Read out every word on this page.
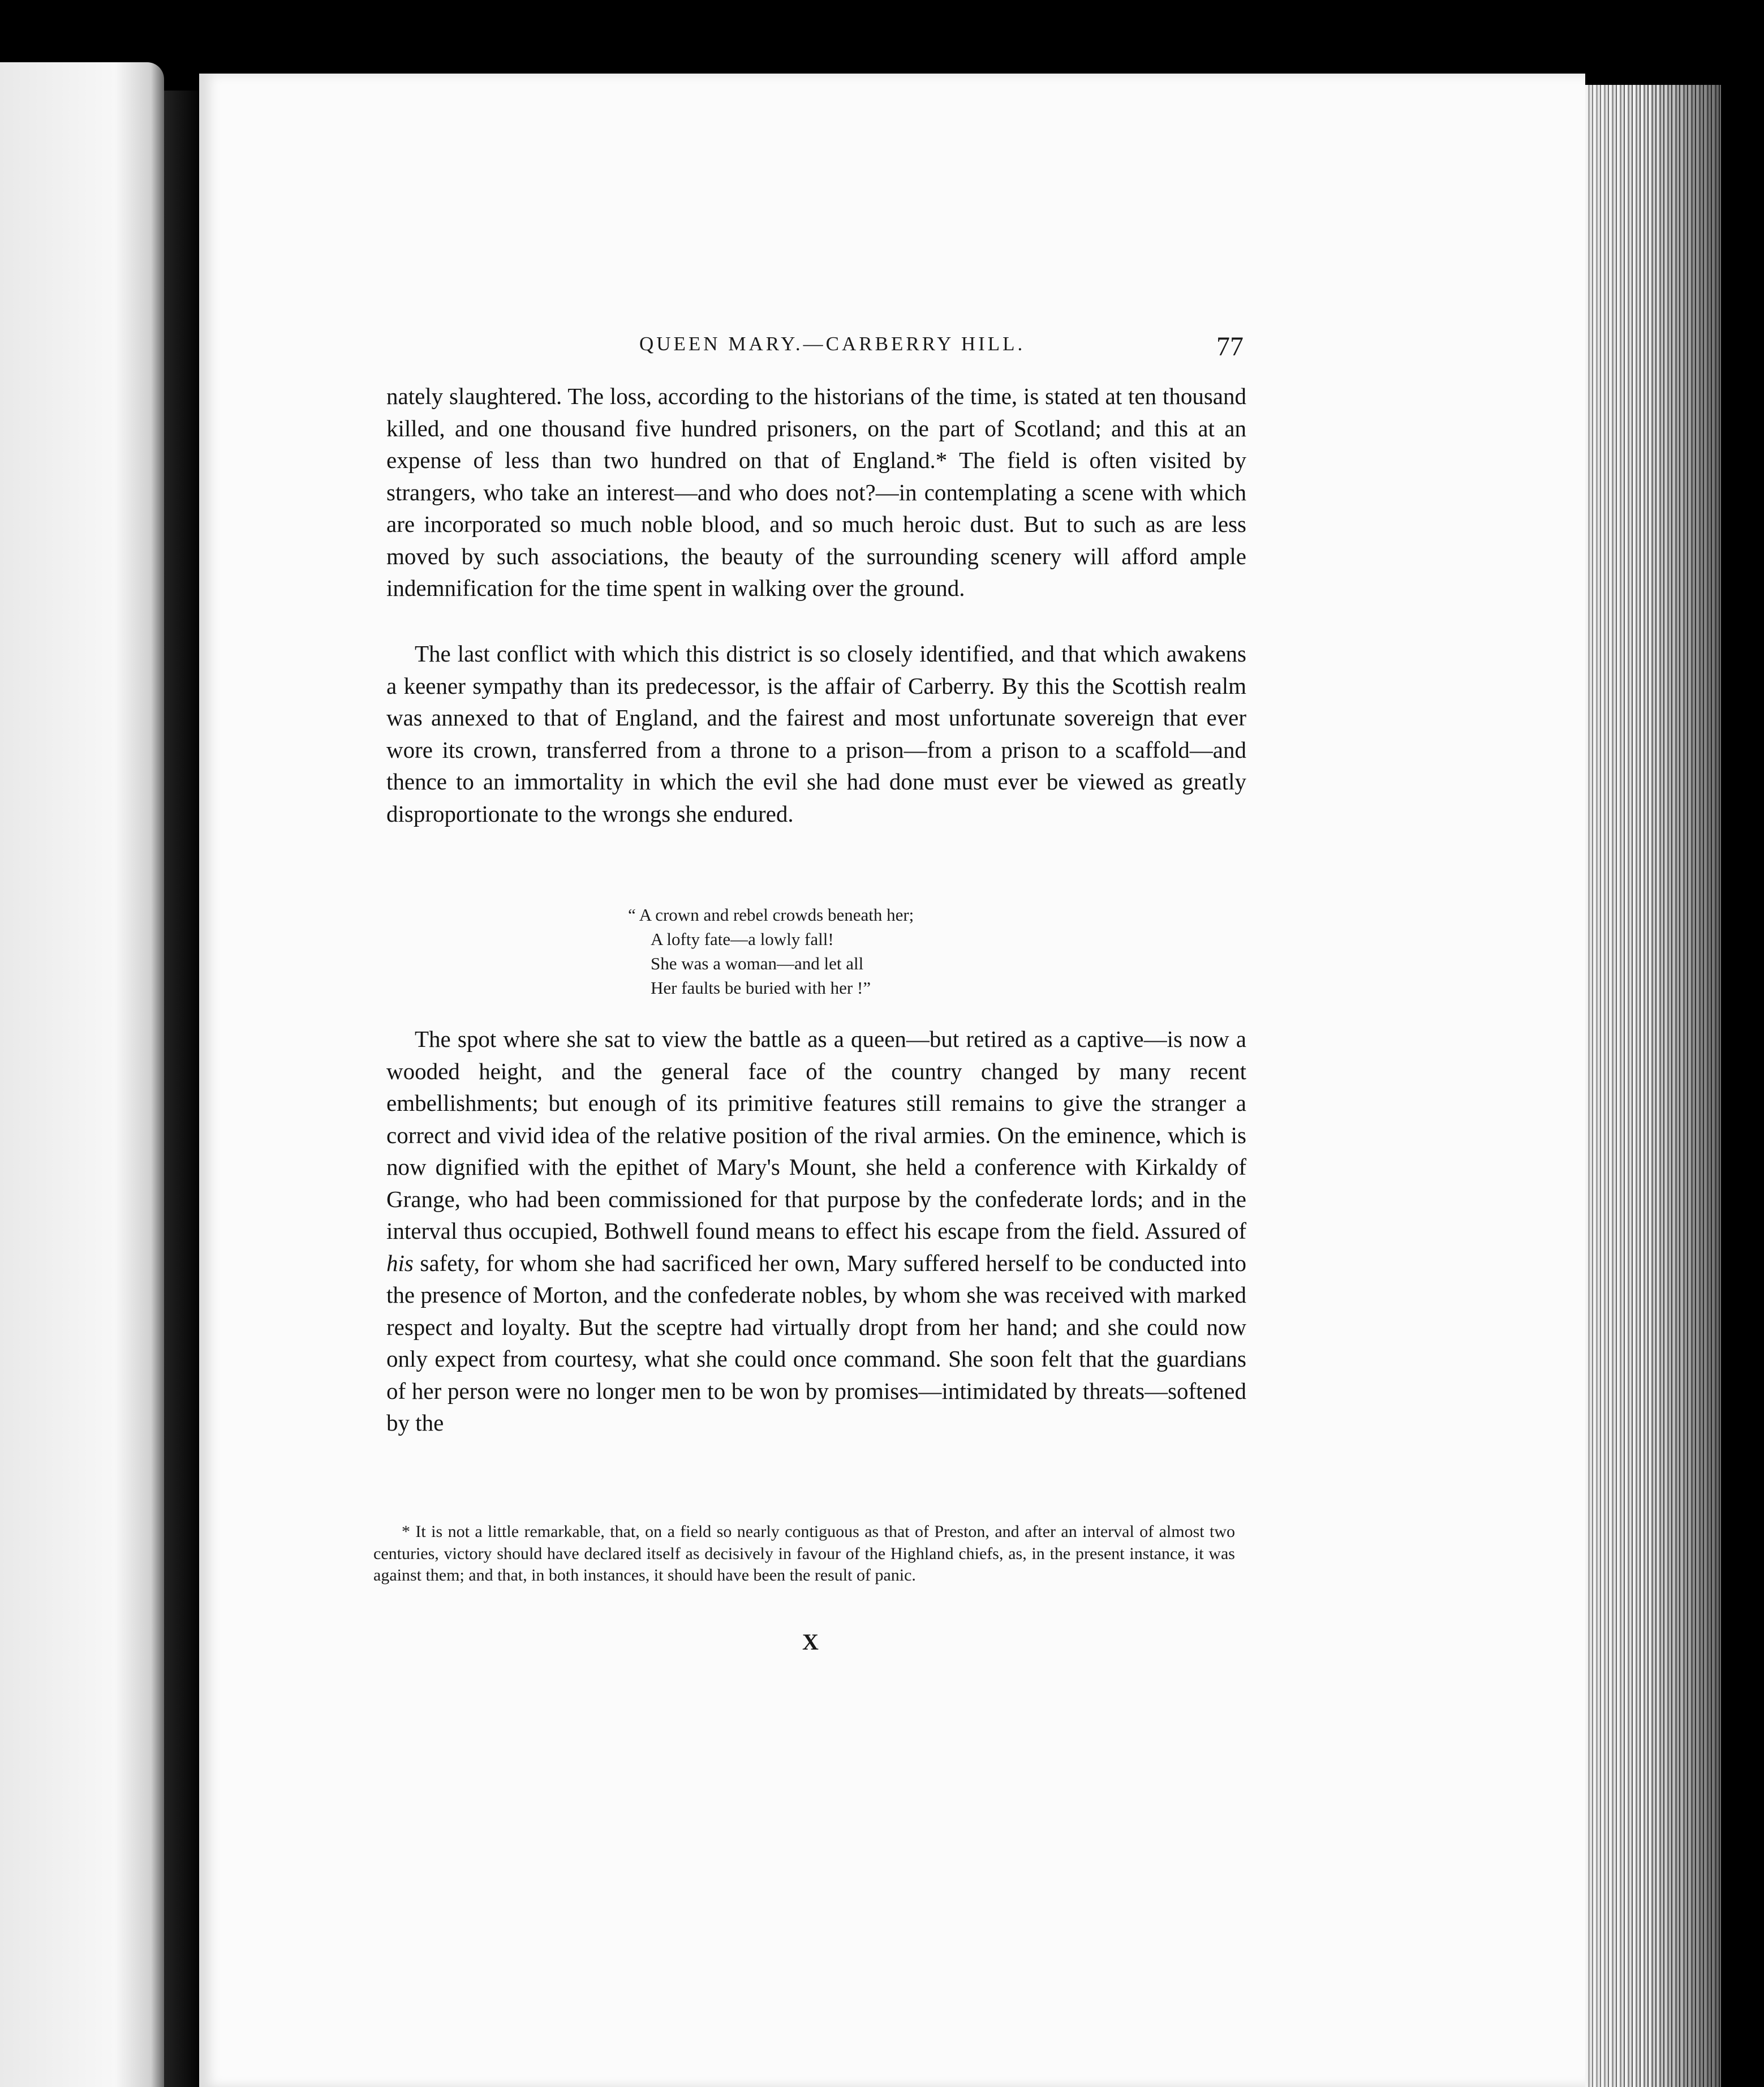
QUEEN MARY.—CARBERRY HILL.	77

nately slaughtered. The loss, according to the historians of the time, is stated at ten thousand killed, and one thousand five hundred prisoners, on the part of Scotland; and this at an expense of less than two hundred on that of England.* The field is often visited by strangers, who take an interest—and who does not?—in contemplating a scene with which are incorporated so much noble blood, and so much heroic dust. But to such as are less moved by such associations, the beauty of the surrounding scenery will afford ample indemnification for the time spent in walking over the ground.

The last conflict with which this district is so closely identified, and that which awakens a keener sympathy than its predecessor, is the affair of Carberry. By this the Scottish realm was annexed to that of England, and the fairest and most unfortunate sovereign that ever wore its crown, transferred from a throne to a prison—from a prison to a scaffold—and thence to an immortality in which the evil she had done must ever be viewed as greatly disproportionate to the wrongs she endured.

“ A crown and rebel crowds beneath her;
A lofty fate—a lowly fall!
She was a woman—and let all
Her faults be buried with her !”

The spot where she sat to view the battle as a queen—but retired as a captive—is now a wooded height, and the general face of the country changed by many recent embellishments; but enough of its primitive features still remains to give the stranger a correct and vivid idea of the relative position of the rival armies. On the eminence, which is now dignified with the epithet of Mary's Mount, she held a conference with Kirkaldy of Grange, who had been commissioned for that purpose by the confederate lords; and in the interval thus occupied, Bothwell found means to effect his escape from the field. Assured of his safety, for whom she had sacrificed her own, Mary suffered herself to be conducted into the presence of Morton, and the confederate nobles, by whom she was received with marked respect and loyalty. But the sceptre had virtually dropt from her hand; and she could now only expect from courtesy, what she could once command. She soon felt that the guardians of her person were no longer men to be won by promises—intimidated by threats—softened by the

* It is not a little remarkable, that, on a field so nearly contiguous as that of Preston, and after an interval of almost two centuries, victory should have declared itself as decisively in favour of the Highland chiefs, as, in the present instance, it was against them; and that, in both instances, it should have been the result of panic.

X
